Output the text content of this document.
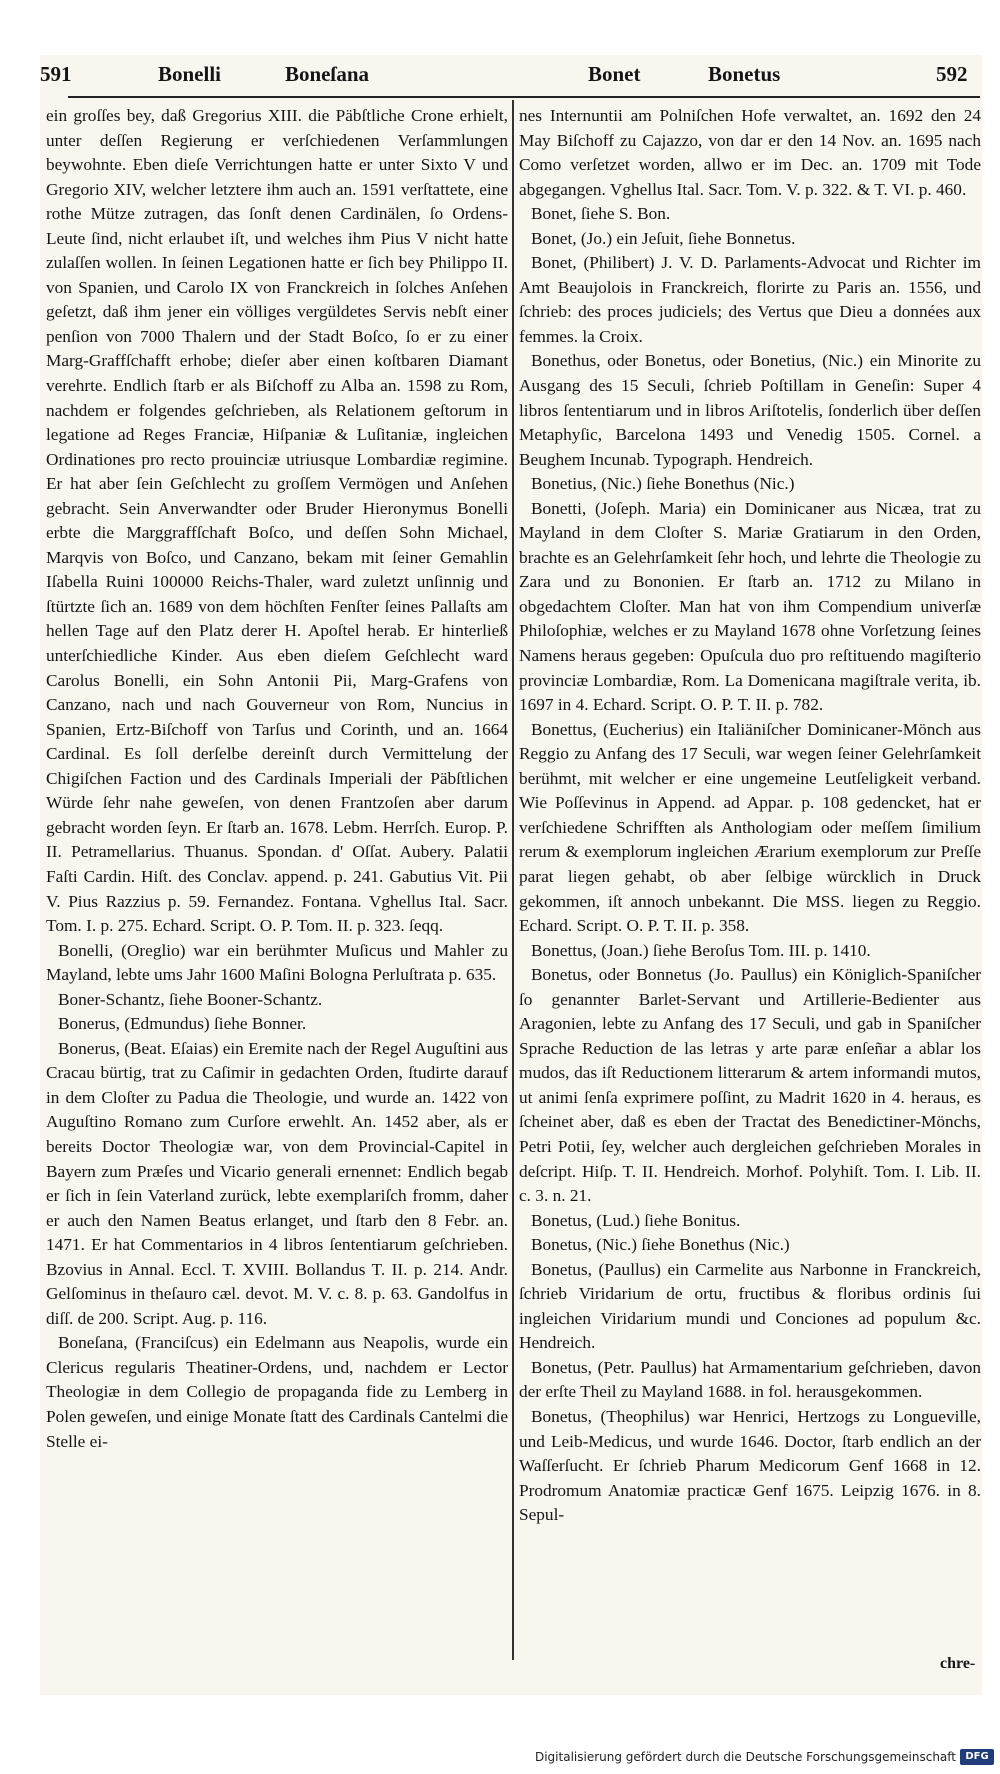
591	Bonelli	Boneſana	Bonet	Bonetus	592

ein groſſes bey, daß Gregorius XIII. die Päbſtliche Crone erhielt, unter deſſen Regierung er verſchiedenen Verſammlungen beywohnte. Eben dieſe Verrichtungen hatte er unter Sixto V und Gregorio XIV, welcher letztere ihm auch an. 1591 verſtattete, eine rothe Mütze zutragen, das ſonſt denen Cardinälen, ſo Ordens-Leute ſind, nicht erlaubet iſt, und welches ihm Pius V nicht hatte zulaſſen wollen. In ſeinen Legationen hatte er ſich bey Philippo II. von Spanien, und Carolo IX von Franckreich in ſolches Anſehen geſetzt, daß ihm jener ein völliges vergüldetes Servis nebſt einer penſion von 7000 Thalern und der Stadt Boſco, ſo er zu einer Marg-Graffſchafft erhobe; dieſer aber einen koſtbaren Diamant verehrte. Endlich ſtarb er als Biſchoff zu Alba an. 1598 zu Rom, nachdem er folgendes geſchrieben, als Relationem geſtorum in legatione ad Reges Franciæ, Hiſpaniæ & Luſitaniæ, ingleichen Ordinationes pro recto prouinciæ utriusque Lombardiæ regimine. Er hat aber ſein Geſchlecht zu groſſem Vermögen und Anſehen gebracht. Sein Anverwandter oder Bruder Hieronymus Bonelli erbte die Marggraffſchaft Boſco, und deſſen Sohn Michael, Marqvis von Boſco, und Canzano, bekam mit ſeiner Gemahlin Iſabella Ruini 100000 Reichs-Thaler, ward zuletzt unſinnig und ſtürtzte ſich an. 1689 von dem höchſten Fenſter ſeines Pallaſts am hellen Tage auf den Platz derer H. Apoſtel herab. Er hinterließ unterſchiedliche Kinder. Aus eben dieſem Geſchlecht ward Carolus Bonelli, ein Sohn Antonii Pii, Marg-Grafens von Canzano, nach und nach Gouverneur von Rom, Nuncius in Spanien, Ertz-Biſchoff von Tarſus und Corinth, und an. 1664 Cardinal. Es ſoll derſelbe dereinſt durch Vermittelung der Chigiſchen Faction und des Cardinals Imperiali der Päbſtlichen Würde ſehr nahe geweſen, von denen Frantzoſen aber darum gebracht worden ſeyn. Er ſtarb an. 1678. Lebm. Herrſch. Europ. P. II. Petramellarius. Thuanus. Spondan. d' Oſſat. Aubery. Palatii Faſti Cardin. Hiſt. des Conclav. append. p. 241. Gabutius Vit. Pii V. Pius Razzius p. 59. Fernandez. Fontana. Vghellus Ital. Sacr. Tom. I. p. 275. Echard. Script. O. P. Tom. II. p. 323. ſeqq.

Bonelli, (Oreglio) war ein berühmter Muſicus und Mahler zu Mayland, lebte ums Jahr 1600 Maſini Bologna Perluſtrata p. 635.

Boner-Schantz, ſiehe Booner-Schantz.

Bonerus, (Edmundus) ſiehe Bonner.

Bonerus, (Beat. Eſaias) ein Eremite nach der Regel Auguſtini aus Cracau bürtig, trat zu Caſimir in gedachten Orden, ſtudirte darauf in dem Cloſter zu Padua die Theologie, und wurde an. 1422 von Auguſtino Romano zum Curſore erwehlt. An. 1452 aber, als er bereits Doctor Theologiæ war, von dem Provincial-Capitel in Bayern zum Præſes und Vicario generali ernennet: Endlich begab er ſich in ſein Vaterland zurück, lebte exemplariſch fromm, daher er auch den Namen Beatus erlanget, und ſtarb den 8 Febr. an. 1471. Er hat Commentarios in 4 libros ſententiarum geſchrieben. Bzovius in Annal. Eccl. T. XVIII. Bollandus T. II. p. 214. Andr. Gelſominus in theſauro cæl. devot. M. V. c. 8. p. 63. Gandolfus in diſſ. de 200. Script. Aug. p. 116.

Boneſana, (Franciſcus) ein Edelmann aus Neapolis, wurde ein Clericus regularis Theatiner-Ordens, und, nachdem er Lector Theologiæ in dem Collegio de propaganda fide zu Lemberg in Polen geweſen, und einige Monate ſtatt des Cardinals Cantelmi die Stelle ei-

nes Internuntii am Polniſchen Hofe verwaltet, an. 1692 den 24 May Biſchoff zu Cajazzo, von dar er den 14 Nov. an. 1695 nach Como verſetzet worden, allwo er im Dec. an. 1709 mit Tode abgegangen. Vghellus Ital. Sacr. Tom. V. p. 322. & T. VI. p. 460.

Bonet, ſiehe S. Bon.

Bonet, (Jo.) ein Jeſuit, ſiehe Bonnetus.

Bonet, (Philibert) J. V. D. Parlaments-Advocat und Richter im Amt Beaujolois in Franckreich, florirte zu Paris an. 1556, und ſchrieb: des proces judiciels; des Vertus que Dieu a données aux femmes. la Croix.

Bonethus, oder Bonetus, oder Bonetius, (Nic.) ein Minorite zu Ausgang des 15 Seculi, ſchrieb Poſtillam in Geneſin: Super 4 libros ſententiarum und in libros Ariſtotelis, ſonderlich über deſſen Metaphyſic, Barcelona 1493 und Venedig 1505. Cornel. a Beughem Incunab. Typograph. Hendreich.

Bonetius, (Nic.) ſiehe Bonethus (Nic.)

Bonetti, (Joſeph. Maria) ein Dominicaner aus Nicæa, trat zu Mayland in dem Cloſter S. Mariæ Gratiarum in den Orden, brachte es an Gelehrſamkeit ſehr hoch, und lehrte die Theologie zu Zara und zu Bononien. Er ſtarb an. 1712 zu Milano in obgedachtem Cloſter. Man hat von ihm Compendium univerſæ Philoſophiæ, welches er zu Mayland 1678 ohne Vorſetzung ſeines Namens heraus gegeben: Opuſcula duo pro reſtituendo magiſterio provinciæ Lombardiæ, Rom. La Domenicana magiſtrale verita, ib. 1697 in 4. Echard. Script. O. P. T. II. p. 782.

Bonettus, (Eucherius) ein Italiäniſcher Dominicaner-Mönch aus Reggio zu Anfang des 17 Seculi, war wegen ſeiner Gelehrſamkeit berühmt, mit welcher er eine ungemeine Leutſeligkeit verband. Wie Poſſevinus in Append. ad Appar. p. 108 gedencket, hat er verſchiedene Schrifften als Anthologiam oder meſſem ſimilium rerum & exemplorum ingleichen Ærarium exemplorum zur Preſſe parat liegen gehabt, ob aber ſelbige würcklich in Druck gekommen, iſt annoch unbekannt. Die MSS. liegen zu Reggio. Echard. Script. O. P. T. II. p. 358.

Bonettus, (Joan.) ſiehe Beroſus Tom. III. p. 1410.

Bonetus, oder Bonnetus (Jo. Paullus) ein Königlich-Spaniſcher ſo genannter Barlet-Servant und Artillerie-Bedienter aus Aragonien, lebte zu Anfang des 17 Seculi, und gab in Spaniſcher Sprache Reduction de las letras y arte paræ enſeñar a ablar los mudos, das iſt Reductionem litterarum & artem informandi mutos, ut animi ſenſa exprimere poſſint, zu Madrit 1620 in 4. heraus, es ſcheinet aber, daß es eben der Tractat des Benedictiner-Mönchs, Petri Potii, ſey, welcher auch dergleichen geſchrieben Morales in deſcript. Hiſp. T. II. Hendreich. Morhof. Polyhiſt. Tom. I. Lib. II. c. 3. n. 21.

Bonetus, (Lud.) ſiehe Bonitus.

Bonetus, (Nic.) ſiehe Bonethus (Nic.)

Bonetus, (Paullus) ein Carmelite aus Narbonne in Franckreich, ſchrieb Viridarium de ortu, fructibus & floribus ordinis ſui ingleichen Viridarium mundi und Conciones ad populum &c. Hendreich.

Bonetus, (Petr. Paullus) hat Armamentarium geſchrieben, davon der erſte Theil zu Mayland 1688. in fol. herausgekommen.

Bonetus, (Theophilus) war Henrici, Hertzogs zu Longueville, und Leib-Medicus, und wurde 1646. Doctor, ſtarb endlich an der Waſſerſucht. Er ſchrieb Pharum Medicorum Genf 1668 in 12. Prodromum Anatomiæ practicæ Genf 1675. Leipzig 1676. in 8. Sepul-

chre-
Digitalisierung gefördert durch die Deutsche Forschungsgemeinschaft DFG
